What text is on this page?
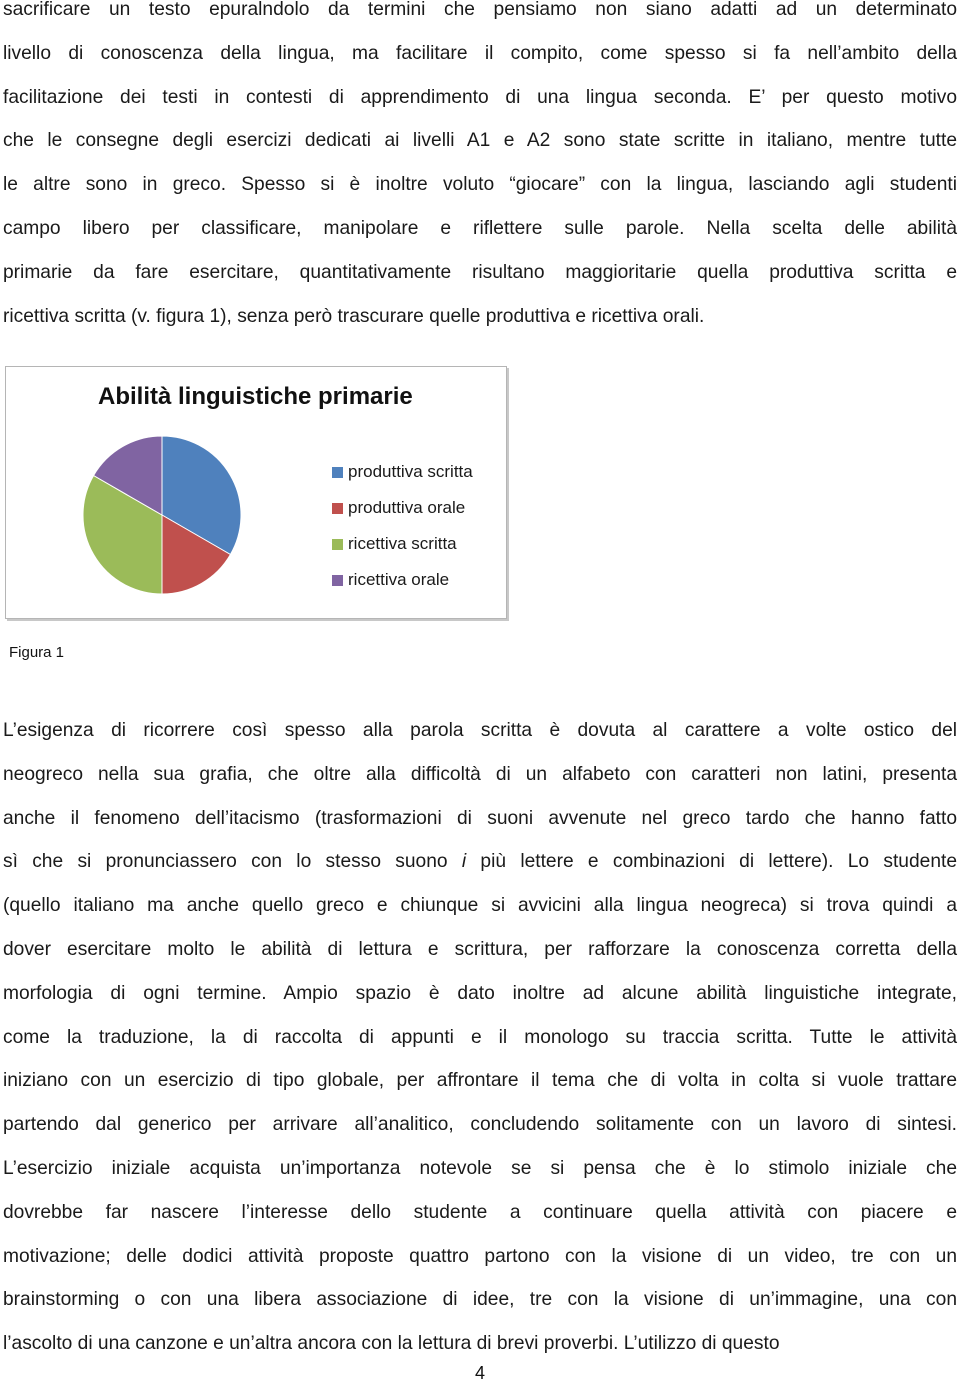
sacrificare un testo epuralndolo da termini che pensiamo non siano adatti ad un determinato
livello di conoscenza della lingua, ma facilitare il compito, come spesso si fa nell’ambito della
facilitazione dei testi in contesti di apprendimento di una lingua seconda. E’ per questo motivo
che le consegne degli esercizi dedicati ai livelli A1 e A2 sono state scritte in italiano, mentre tutte
le altre sono in greco. Spesso si è inoltre voluto “giocare” con la lingua, lasciando agli studenti
campo libero per classificare, manipolare e riflettere sulle parole. Nella scelta delle abilità
primarie da fare esercitare, quantitativamente risultano maggioritarie quella produttiva scritta e
ricettiva scritta (v. figura 1), senza però trascurare quelle produttiva e ricettiva orali.
Abilità linguistiche primarie
produttiva scritta
produttiva orale
ricettiva scritta
ricettiva orale
Figura 1
L’esigenza di ricorrere così spesso alla parola scritta è dovuta al carattere a volte ostico del
neogreco nella sua grafia, che oltre alla difficoltà di un alfabeto con caratteri non latini, presenta
anche il fenomeno dell’itacismo (trasformazioni di suoni avvenute nel greco tardo che hanno fatto
sì che si pronunciassero con lo stesso suono i più lettere e combinazioni di lettere). Lo studente
(quello italiano ma anche quello greco e chiunque si avvicini alla lingua neogreca) si trova quindi a
dover esercitare molto le abilità di lettura e scrittura, per rafforzare la conoscenza corretta della
morfologia di ogni termine. Ampio spazio è dato inoltre ad alcune abilità linguistiche integrate,
come la traduzione, la di raccolta di appunti e il monologo su traccia scritta. Tutte le attività
iniziano con un esercizio di tipo globale, per affrontare il tema che di volta in colta si vuole trattare
partendo dal generico per arrivare all’analitico, concludendo solitamente con un lavoro di sintesi.
L’esercizio iniziale acquista un’importanza notevole se si pensa che è lo stimolo iniziale che
dovrebbe far nascere l’interesse dello studente a continuare quella attività con piacere e
motivazione; delle dodici attività proposte quattro partono con la visione di un video, tre con un
brainstorming o con una libera associazione di idee, tre con la visione di un’immagine, una con
l’ascolto di una canzone e un’altra ancora con la lettura di brevi proverbi. L’utilizzo di questo
4
